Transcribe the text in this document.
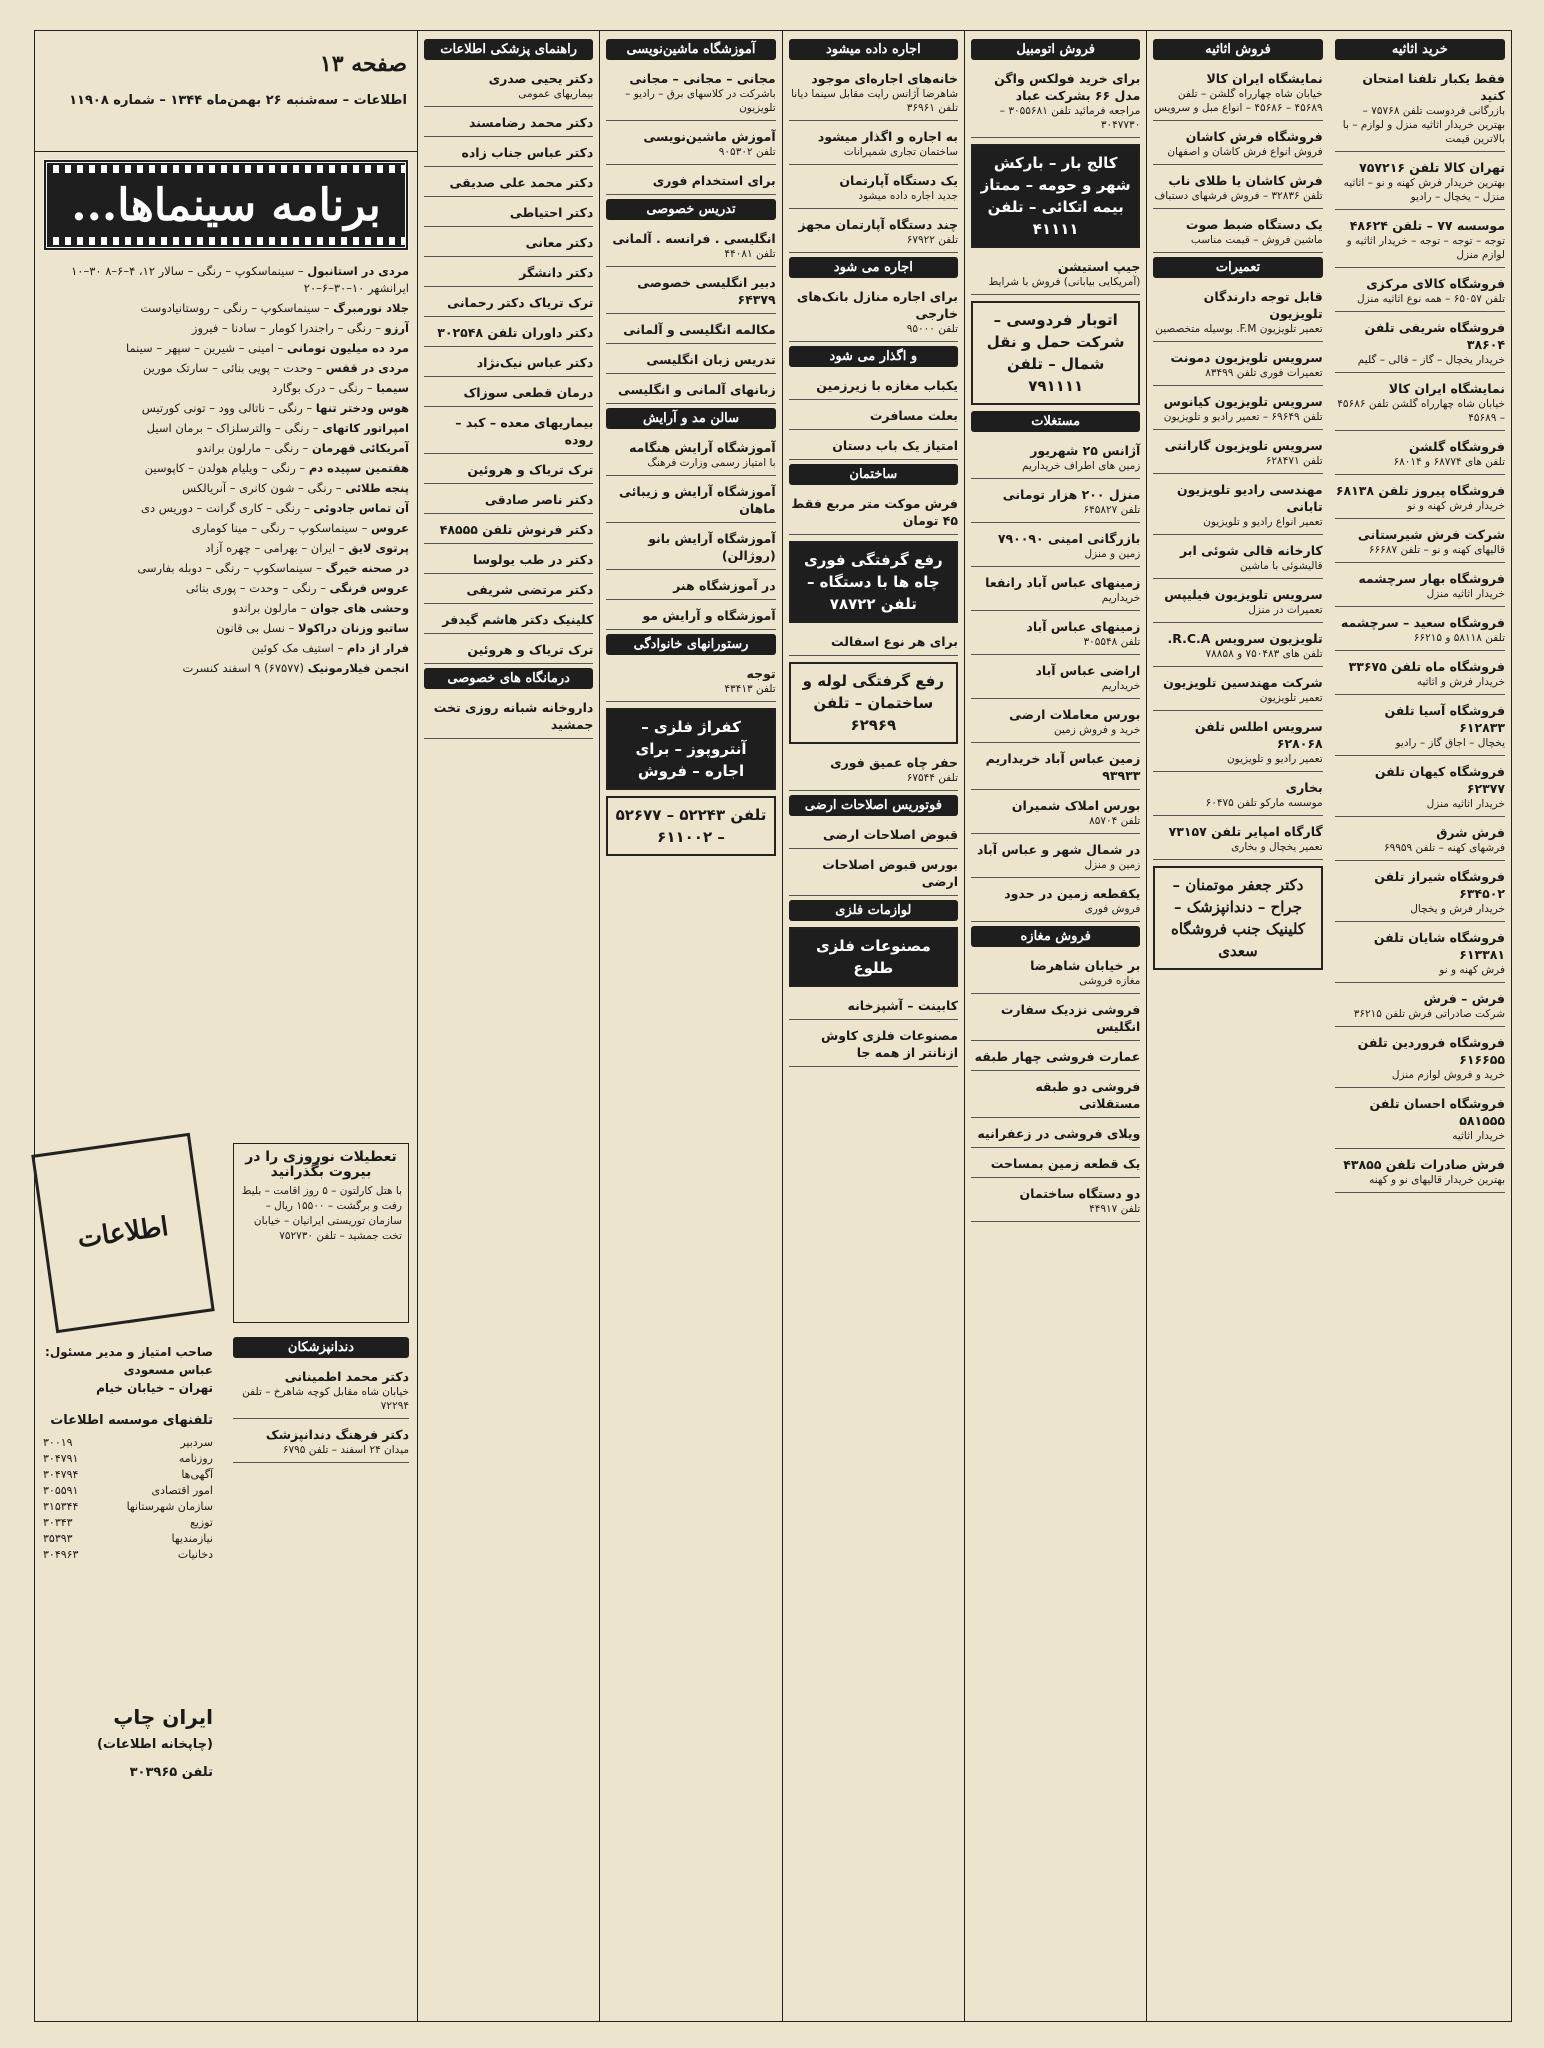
صفحه ۱۳
اطلاعات – سه‌شنبه ۲۶ بهمن‌ماه ۱۳۴۴ – شماره ۱۱۹۰۸
برنامه سینماها...
مردی در استانبول – سینماسکوپ – رنگی – سالار ۱۲، ۴–۶–۸ ۳۰–۱۰ ایرانشهر ۱۰–۳۰–۶–۲۰
جلاد نورمبرگ – سینماسکوپ – رنگی – روستانیادوست
آرزو – رنگی – راجندرا کومار – سادنا – فیروز
مرد ده میلیون تومانی – امینی – شیرین – سپهر – سینما
مردی در قفس – وحدت – پویی بنائی – سارتک مورین
سیمبا – رنگی – درک بوگارد
هوس ودختر تنها – رنگی – ناتالی وود – تونی کورتیس
امپراتور کاتهای – رنگی – والترسلزاک – برمان اسیل
آمریکائی قهرمان – رنگی – مارلون براندو
هفتمین سپیده دم – رنگی – ویلیام هولدن – کاپوسین
پنجه طلائی – رنگی – شون کانری – آنریالکس
آن تماس جادوئی – رنگی – کاری گرانت – دوریس دی
عروس – سینماسکوپ – رنگی – مینا کوماری
پرتوی لایق – ایران – بهرامی – چهره آزاد
در صحنه خیرگ – سینماسکوپ – رنگی – دوبله بفارسی
عروس فرنگی – رنگی – وحدت – پوری بنائی
وحشی های جوان – مارلون براندو
ساتبو وزنان دراکولا – نسل بی قانون
فرار از دام – استیف مک کوئین
انجمن فیلارمونیک (۶۷۵۷۷) ۹ اسفند کنسرت
اطلاعات
صاحب امتیاز و مدیر مسئول:
عباس مسعودی
تهران – خیابان خیام
تلفنهای موسسه اطلاعات
سردبیر
۳۰۰۱۹
روزنامه
۳۰۴۷۹۱
آگهی‌ها
۳۰۴۷۹۴
امور اقتصادی
۳۰۵۵۹۱
سازمان شهرستانها
۳۱۵۳۴۴
توزیع
۳۰۳۴۳
نیازمندیها
۳۵۳۹۳
دخانیات
۳۰۴۹۶۳
ایران چاپ
(چاپخانه اطلاعات)
تلفن ۳۰۳۹۶۵
تعطیلات نوروزی را در بیروت بگذرانید
با هتل کارلتون – ۵ روز اقامت – بلیط رفت و برگشت – ۱۵۵۰۰ ریال – سازمان توریستی ایرانیان – خیابان تخت جمشید – تلفن ۷۵۲۷۳۰
دندانپزشکان
دکتر محمد اطمینانی
خیابان شاه مقابل کوچه شاهرخ – تلفن ۷۲۲۹۴
دکتر فرهنگ دندانپزشک
میدان ۲۴ اسفند – تلفن ۶۷۹۵
خرید اثاثیه
فقط یکبار تلفنا امتحان کنید
بازرگانی فردوست تلفن ۷۵۷۶۸ – بهترین خریدار اثاثیه منزل و لوازم – با بالاترین قیمت
تهران کالا تلفن ۷۵۷۲۱۶
بهترین خریدار فرش کهنه و نو – اثاثیه منزل – یخچال – رادیو
موسسه ۷۷ – تلفن ۴۸۶۲۴
توجه – توجه – توجه – خریدار اثاثیه و لوازم منزل
فروشگاه کالای مرکزی
تلفن ۶۵۰۵۷ – همه نوع اثاثیه منزل
فروشگاه شریفی تلفن ۳۸۶۰۴
خریدار یخچال – گاز – قالی – گلیم
نمایشگاه ایران کالا
خیابان شاه چهارراه گلشن تلفن ۴۵۶۸۶ – ۴۵۶۸۹
فروشگاه گلشن
تلفن های ۶۸۷۷۴ و ۶۸۰۱۴
فروشگاه پیروز تلفن ۶۸۱۳۸
خریدار فرش کهنه و نو
شرکت فرش شیرستانی
قالیهای کهنه و نو – تلفن ۶۶۶۸۷
فروشگاه بهار سرچشمه
خریدار اثاثیه منزل
فروشگاه سعید – سرچشمه
تلفن ۵۸۱۱۸ و ۶۶۲۱۵
فروشگاه ماه تلفن ۳۳۶۷۵
خریدار فرش و اثاثیه
فروشگاه آسیا تلفن ۶۱۲۸۳۳
یخچال – اجاق گاز – رادیو
فروشگاه کیهان تلفن ۶۲۳۷۷
خریدار اثاثیه منزل
فرش شرق
فرشهای کهنه – تلفن ۶۹۹۵۹
فروشگاه شیراز تلفن ۶۳۴۵۰۲
خریدار فرش و یخچال
فروشگاه شایان تلفن ۶۱۳۳۸۱
فرش کهنه و نو
فرش – فرش
شرکت صادراتی فرش تلفن ۳۶۲۱۵
فروشگاه فروردین تلفن ۶۱۶۶۵۵
خرید و فروش لوازم منزل
فروشگاه احسان تلفن ۵۸۱۵۵۵
خریدار اثاثیه
فرش صادرات تلفن ۴۳۸۵۵
بهترین خریدار قالیهای نو و کهنه
فروش اثاثیه
نمایشگاه ایران کالا
خیابان شاه چهارراه گلشن – تلفن ۴۵۶۸۹ – ۴۵۶۸۶ – انواع مبل و سرویس
فروشگاه فرش کاشان
فروش انواع فرش کاشان و اصفهان
فرش کاشان یا طلای ناب
تلفن ۳۲۸۳۶ – فروش فرشهای دستباف
یک دستگاه ضبط صوت
ماشین فروش – قیمت مناسب
تعمیرات
قابل توجه دارندگان تلویزیون
تعمیر تلویزیون F.M. بوسیله متخصصین
سرویس تلویزیون دمونت
تعمیرات فوری تلفن ۸۳۴۹۹
سرویس تلویزیون کیانوس
تلفن ۶۹۶۴۹ – تعمیر رادیو و تلویزیون
سرویس تلویزیون گارانتی
تلفن ۶۲۸۴۷۱
مهندسی رادیو تلویزیون تابانی
تعمیر انواع رادیو و تلویزیون
کارخانه قالی شوئی ابر
قالیشوئی با ماشین
سرویس تلویزیون فیلیپس
تعمیرات در منزل
تلویزیون سرویس R.C.A.
تلفن های ۷۵۰۴۸۳ و ۷۸۸۵۸
شرکت مهندسین تلویزیون
تعمیر تلویزیون
سرویس اطلس تلفن ۶۲۸۰۶۸
تعمیر رادیو و تلویزیون
بخاری
موسسه مارکو تلفن ۶۰۴۷۵
گارگاه امپایر تلفن ۷۳۱۵۷
تعمیر یخچال و بخاری
دکتر جعفر موتمنان – جراح – دندانپزشک – کلینیک جنب فروشگاه سعدی
فروش اتومبیل
برای خرید فولکس واگن مدل ۶۶ بشرکت عباد
مراجعه فرمائید تلفن ۳۰۵۵۶۸۱ – ۳۰۴۷۷۳۰
کالج بار – بارکش شهر و حومه – ممتاز بیمه اتکائی – تلفن ۴۱۱۱۱
جیپ استیشن
(آمریکایی بیابانی) فروش با شرایط
اتوبار فردوسی – شرکت حمل و نقل شمال – تلفن ۷۹۱۱۱۱
مستغلات
آژانس ۲۵ شهریور
زمین های اطراف خریداریم
منزل ۲۰۰ هزار تومانی
تلفن ۶۴۵۸۲۷
بازرگانی امینی ۷۹۰۰۹۰
زمین و منزل
زمینهای عباس آباد رانفعا
خریداریم
زمینهای عباس آباد
تلفن ۳۰۵۵۴۸
اراضی عباس آباد
خریداریم
بورس معاملات ارضی
خرید و فروش زمین
زمین عباس آباد خریداریم ۹۳۹۳۳
بورس املاک شمیران
تلفن ۸۵۷۰۴
در شمال شهر و عباس آباد
زمین و منزل
یکقطعه زمین در حدود
فروش فوری
فروش مغازه
بر خیابان شاهرضا
مغازه فروشی
فروشی نزدیک سفارت انگلیس
عمارت فروشی چهار طبقه
فروشی دو طبقه مستقلاتی
ویلای فروشی در زعفرانیه
یک قطعه زمین بمساحت
دو دستگاه ساختمان
تلفن ۴۴۹۱۷
اجاره داده میشود
خانه‌های اجاره‌ای موجود
شاهرضا آژانس رایت مقابل سینما دیانا تلفن ۳۶۹۶۱
به اجاره و اگذار میشود
ساختمان تجاری شمیرانات
یک دستگاه آپارتمان
جدید اجاره داده میشود
چند دستگاه آپارتمان مجهز
تلفن ۶۷۹۲۲
اجاره می شود
برای اجاره منازل بانک‌های خارجی
تلفن ۹۵۰۰۰
و اگذار می شود
یکباب مغازه با زیرزمین
بعلت مسافرت
امتیاز یک باب دستان
ساختمان
فرش موکت متر مربع فقط ۴۵ تومان
رفع گرفتگی فوری چاه ها با دستگاه – تلفن ۷۸۷۲۲
برای هر نوع اسفالت
رفع گرفتگی لوله و ساختمان – تلفن ۶۲۹۶۹
حفر چاه عمیق فوری
تلفن ۶۷۵۴۴
فوتوریس اصلاحات ارضی
قبوض اصلاحات ارضی
بورس قبوض اصلاحات ارضی
لوازمات فلزی
مصنوعات فلزی طلوع
کابینت – آشپزخانه
مصنوعات فلزی کاوش ازنانتر از همه جا
آموزشگاه ماشین‌نویسی
مجانی – مجانی – مجانی
باشرکت در کلاسهای برق – رادیو – تلویزیون
آموزش ماشین‌نویسی
تلفن ۹۰۵۳۰۲
برای استخدام فوری
تدریس خصوصی
انگلیسی . فرانسه . آلمانی
تلفن ۴۴۰۸۱
دبیر انگلیسی خصوصی ۶۴۳۷۹
مکالمه انگلیسی و آلمانی
تدریس زبان انگلیسی
زبانهای آلمانی و انگلیسی
سالن مد و آرایش
آموزشگاه آرایش هنگامه
با امتیاز رسمی وزارت فرهنگ
آموزشگاه آرایش و زیبائی ماهان
آموزشگاه آرایش بانو (روژالن)
در آموزشگاه هنر
آموزشگاه و آرایش مو
رستورانهای خانوادگی
توجه
تلفن ۴۳۴۱۳
کفراژ فلزی – آنتروپوز – برای اجاره – فروش
تلفن ۵۲۲۴۳ – ۵۲۶۷۷ – ۶۱۱۰۰۲
راهنمای پزشکی اطلاعات
دکتر یحیی صدری
بیماریهای عمومی
دکتر محمد رضامسند
دکتر عباس جناب زاده
دکتر محمد علی صدیقی
دکتر احتیاطی
دکتر معانی
دکتر دانشگر
ترک تریاک دکتر رحمانی
دکتر داوران تلفن ۳۰۲۵۴۸
دکتر عباس نیک‌نژاد
درمان قطعی سوزاک
بیماریهای معده – کبد – روده
ترک تریاک و هروئین
دکتر ناصر صادقی
دکتر فرنوش تلفن ۴۸۵۵۵
دکتر در طب یولوسا
دکتر مرتضی شریفی
کلینیک دکتر هاشم گیدفر
ترک تریاک و هروئین
درمانگاه های خصوصی
داروخانه شبانه روزی تخت جمشید
